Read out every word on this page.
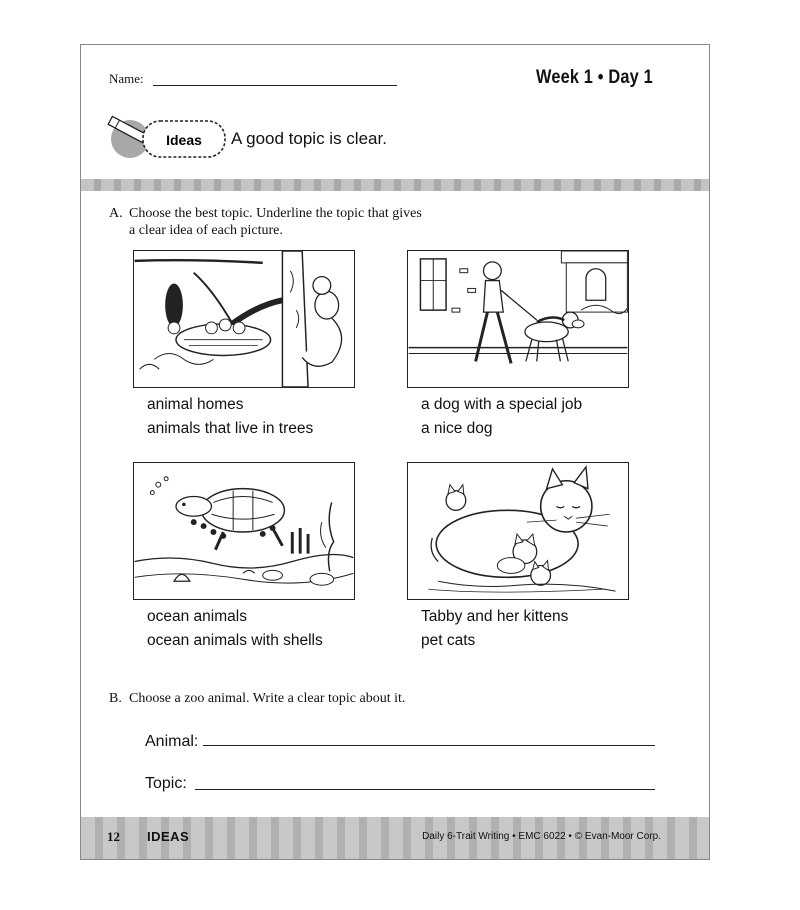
Name:	Week 1 • Day 1
Ideas A good topic is clear.
A. Choose the best topic. Underline the topic that gives
a clear idea of each picture.
animal homes
animals that live in trees
a dog with a special job
a nice dog
ocean animals
ocean animals with shells
Tabby and her kittens
pet cats
B. Choose a zoo animal. Write a clear topic about it.
Animal:
Topic:
12 IDEAS	Daily 6-Trait Writing • EMC 6022 • © Evan-Moor Corp.
